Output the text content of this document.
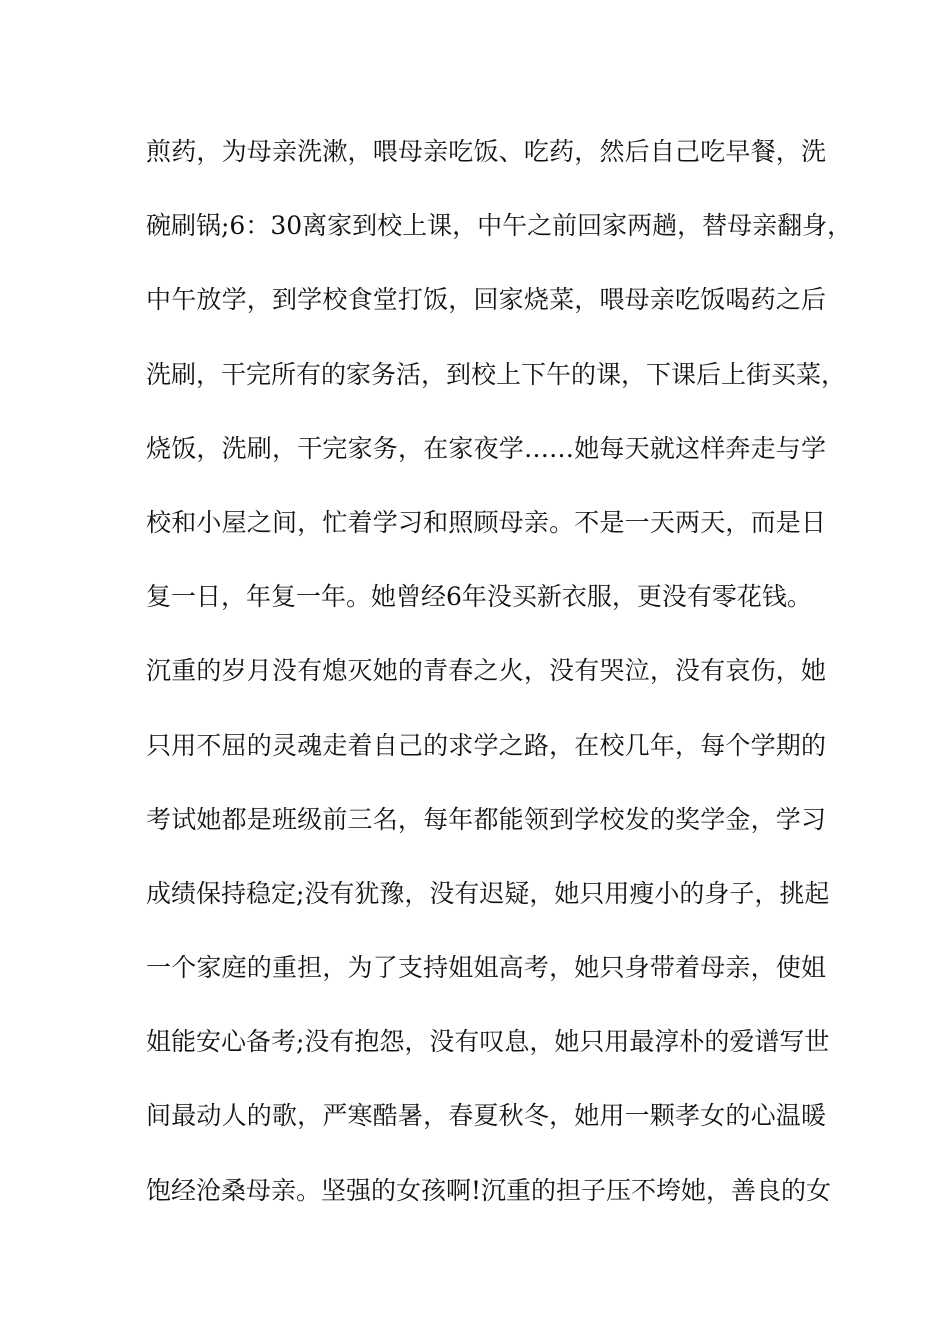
煎药，为母亲洗漱，喂母亲吃饭、吃药，然后自己吃早餐，洗
碗刷锅;6：30离家到校上课，中午之前回家两趟，替母亲翻身，
中午放学，到学校食堂打饭，回家烧菜，喂母亲吃饭喝药之后
洗刷，干完所有的家务活，到校上下午的课，下课后上街买菜，
烧饭，洗刷，干完家务，在家夜学……她每天就这样奔走与学
校和小屋之间，忙着学习和照顾母亲。不是一天两天，而是日
复一日，年复一年。她曾经6年没买新衣服，更没有零花钱。
沉重的岁月没有熄灭她的青春之火，没有哭泣，没有哀伤，她
只用不屈的灵魂走着自己的求学之路，在校几年，每个学期的
考试她都是班级前三名，每年都能领到学校发的奖学金，学习
成绩保持稳定;没有犹豫，没有迟疑，她只用瘦小的身子，挑起
一个家庭的重担，为了支持姐姐高考，她只身带着母亲，使姐
姐能安心备考;没有抱怨，没有叹息，她只用最淳朴的爱谱写世
间最动人的歌，严寒酷暑，春夏秋冬，她用一颗孝女的心温暖
饱经沧桑母亲。坚强的女孩啊!沉重的担子压不垮她，善良的女
